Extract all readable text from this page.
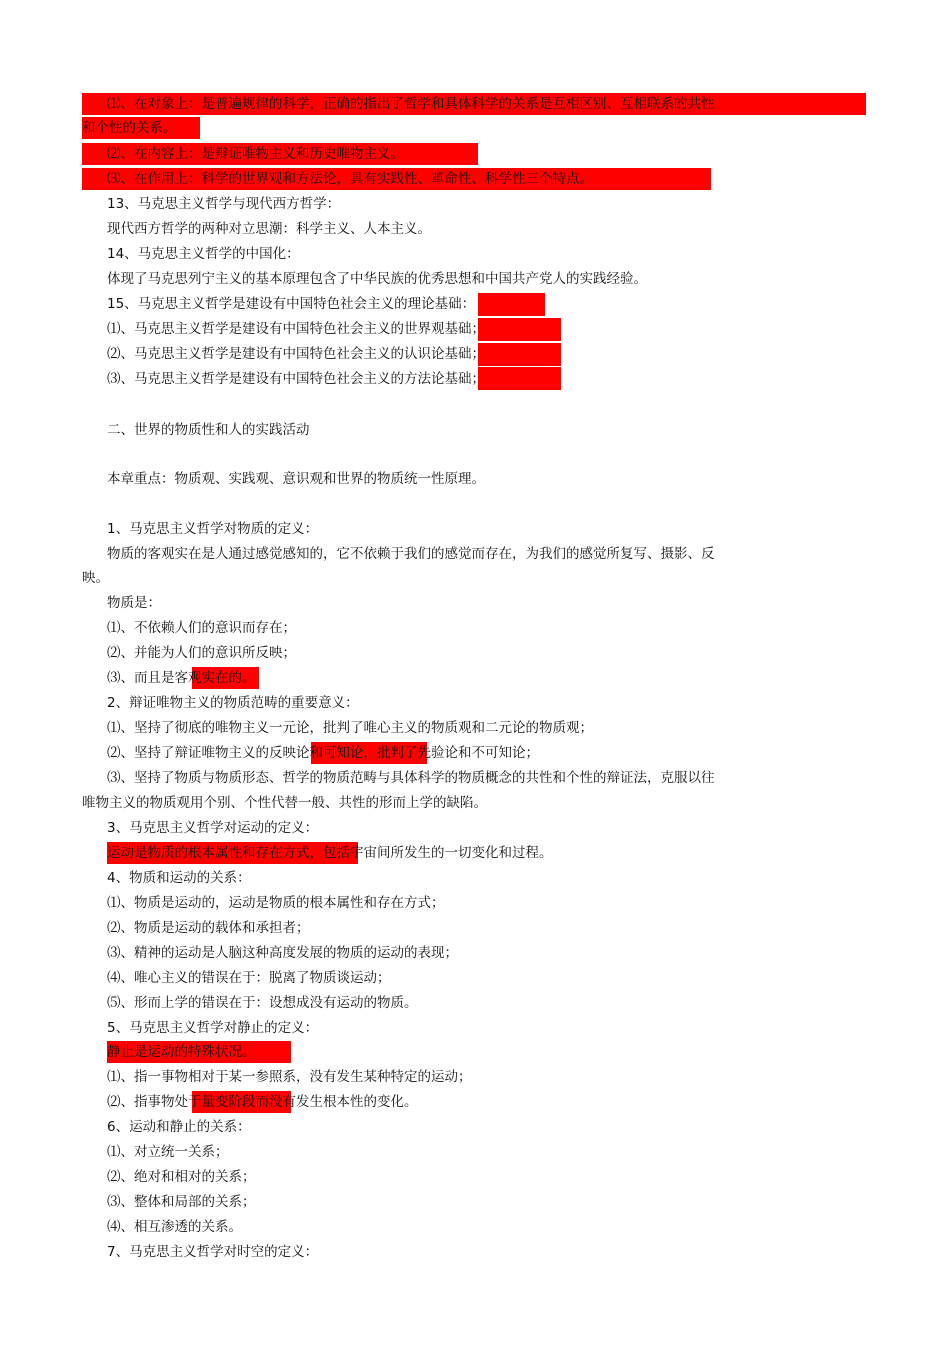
⑴、在对象上：是普遍规律的科学，正确的指出了哲学和具体科学的关系是互相区别、互相联系的共性
和个性的关系。
⑵、在内容上：是辩证唯物主义和历史唯物主义。
⑶、在作用上：科学的世界观和方法论，具有实践性、革命性、科学性三个特点。
13、马克思主义哲学与现代西方哲学：
现代西方哲学的两种对立思潮：科学主义、人本主义。
14、马克思主义哲学的中国化：
体现了马克思列宁主义的基本原理包含了中华民族的优秀思想和中国共产党人的实践经验。
15、马克思主义哲学是建设有中国特色社会主义的理论基础：
⑴、马克思主义哲学是建设有中国特色社会主义的世界观基础；
⑵、马克思主义哲学是建设有中国特色社会主义的认识论基础；
⑶、马克思主义哲学是建设有中国特色社会主义的方法论基础；
二、世界的物质性和人的实践活动
本章重点：物质观、实践观、意识观和世界的物质统一性原理。
1、马克思主义哲学对物质的定义：
物质的客观实在是人通过感觉感知的，它不依赖于我们的感觉而存在，为我们的感觉所复写、摄影、反
映。
物质是：
⑴、不依赖人们的意识而存在；
⑵、并能为人们的意识所反映；
⑶、而且是客观实在的。
2、辩证唯物主义的物质范畴的重要意义：
⑴、坚持了彻底的唯物主义一元论，批判了唯心主义的物质观和二元论的物质观；
⑵、坚持了辩证唯物主义的反映论和可知论，批判了先验论和不可知论；
⑶、坚持了物质与物质形态、哲学的物质范畴与具体科学的物质概念的共性和个性的辩证法，克服以往
唯物主义的物质观用个别、个性代替一般、共性的形而上学的缺陷。
3、马克思主义哲学对运动的定义：
运动是物质的根本属性和存在方式，包括宇宙间所发生的一切变化和过程。
4、物质和运动的关系：
⑴、物质是运动的，运动是物质的根本属性和存在方式；
⑵、物质是运动的载体和承担者；
⑶、精神的运动是人脑这种高度发展的物质的运动的表现；
⑷、唯心主义的错误在于：脱离了物质谈运动；
⑸、形而上学的错误在于：设想成没有运动的物质。
5、马克思主义哲学对静止的定义：
静止是运动的特殊状况。
⑴、指一事物相对于某一参照系，没有发生某种特定的运动；
⑵、指事物处于量变阶段而没有发生根本性的变化。
6、运动和静止的关系：
⑴、对立统一关系；
⑵、绝对和相对的关系；
⑶、整体和局部的关系；
⑷、相互渗透的关系。
7、马克思主义哲学对时空的定义：
